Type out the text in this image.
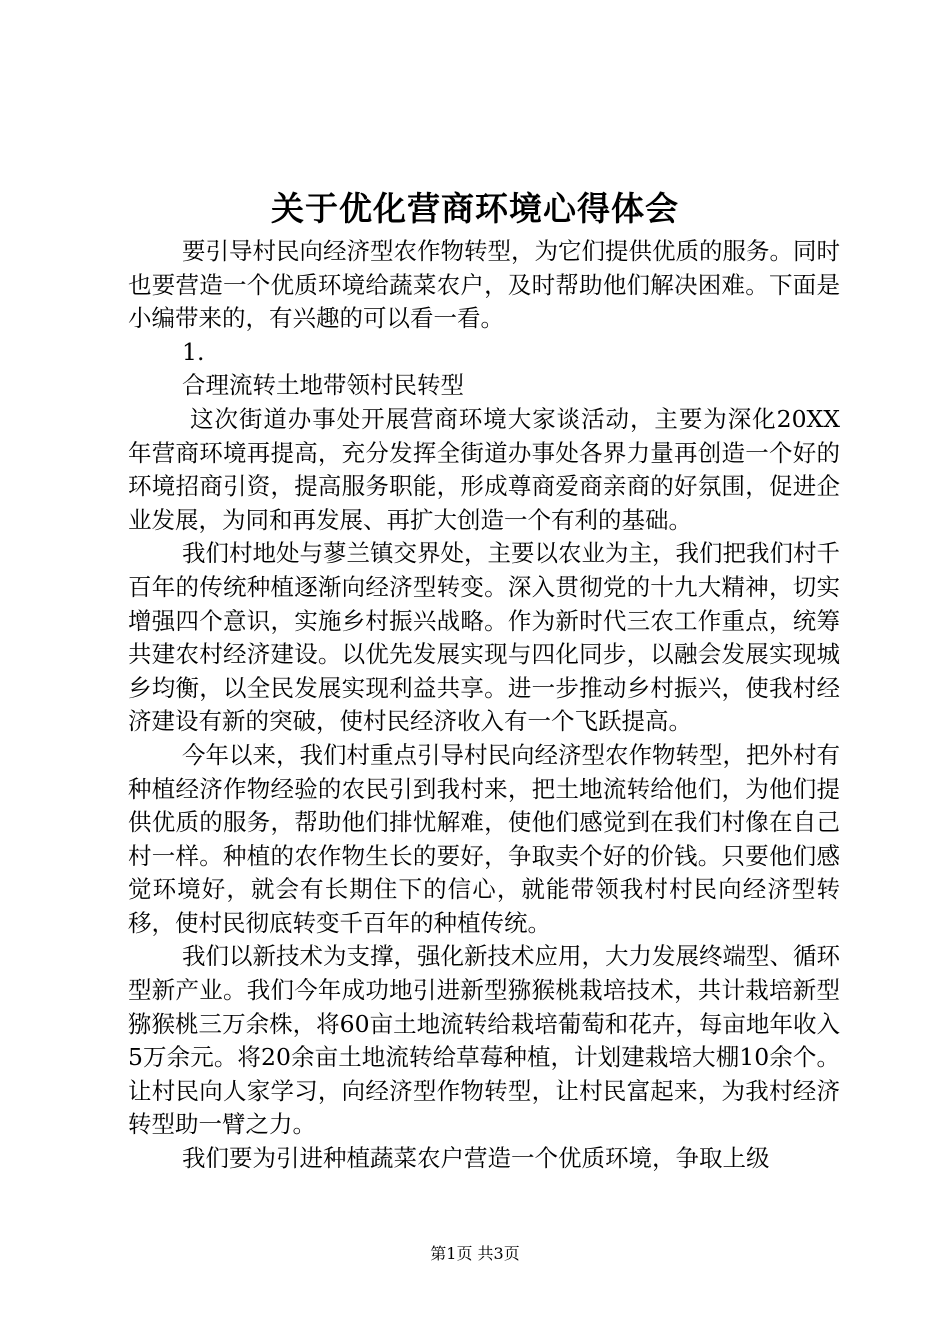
关于优化营商环境心得体会

要引导村民向经济型农作物转型，为它们提供优质的服务。同时也要营造一个优质环境给蔬菜农户，及时帮助他们解决困难。下面是小编带来的，有兴趣的可以看一看。

1.

合理流转土地带领村民转型

这次街道办事处开展营商环境大家谈活动，主要为深化20XX年营商环境再提高，充分发挥全街道办事处各界力量再创造一个好的环境招商引资，提高服务职能，形成尊商爱商亲商的好氛围，促进企业发展，为同和再发展、再扩大创造一个有利的基础。

我们村地处与蓼兰镇交界处，主要以农业为主，我们把我们村千百年的传统种植逐渐向经济型转变。深入贯彻党的十九大精神，切实增强四个意识，实施乡村振兴战略。作为新时代三农工作重点，统筹共建农村经济建设。以优先发展实现与四化同步，以融会发展实现城乡均衡，以全民发展实现利益共享。进一步推动乡村振兴，使我村经济建设有新的突破，使村民经济收入有一个飞跃提高。

今年以来，我们村重点引导村民向经济型农作物转型，把外村有种植经济作物经验的农民引到我村来，把土地流转给他们，为他们提供优质的服务，帮助他们排忧解难，使他们感觉到在我们村像在自己村一样。种植的农作物生长的要好，争取卖个好的价钱。只要他们感觉环境好，就会有长期住下的信心，就能带领我村村民向经济型转移，使村民彻底转变千百年的种植传统。

我们以新技术为支撑，强化新技术应用，大力发展终端型、循环型新产业。我们今年成功地引进新型猕猴桃栽培技术，共计栽培新型猕猴桃三万余株，将60亩土地流转给栽培葡萄和花卉，每亩地年收入5万余元。将20余亩土地流转给草莓种植，计划建栽培大棚10余个。让村民向人家学习，向经济型作物转型，让村民富起来，为我村经济转型助一臂之力。

我们要为引进种植蔬菜农户营造一个优质环境，争取上级

第1页 共3页
